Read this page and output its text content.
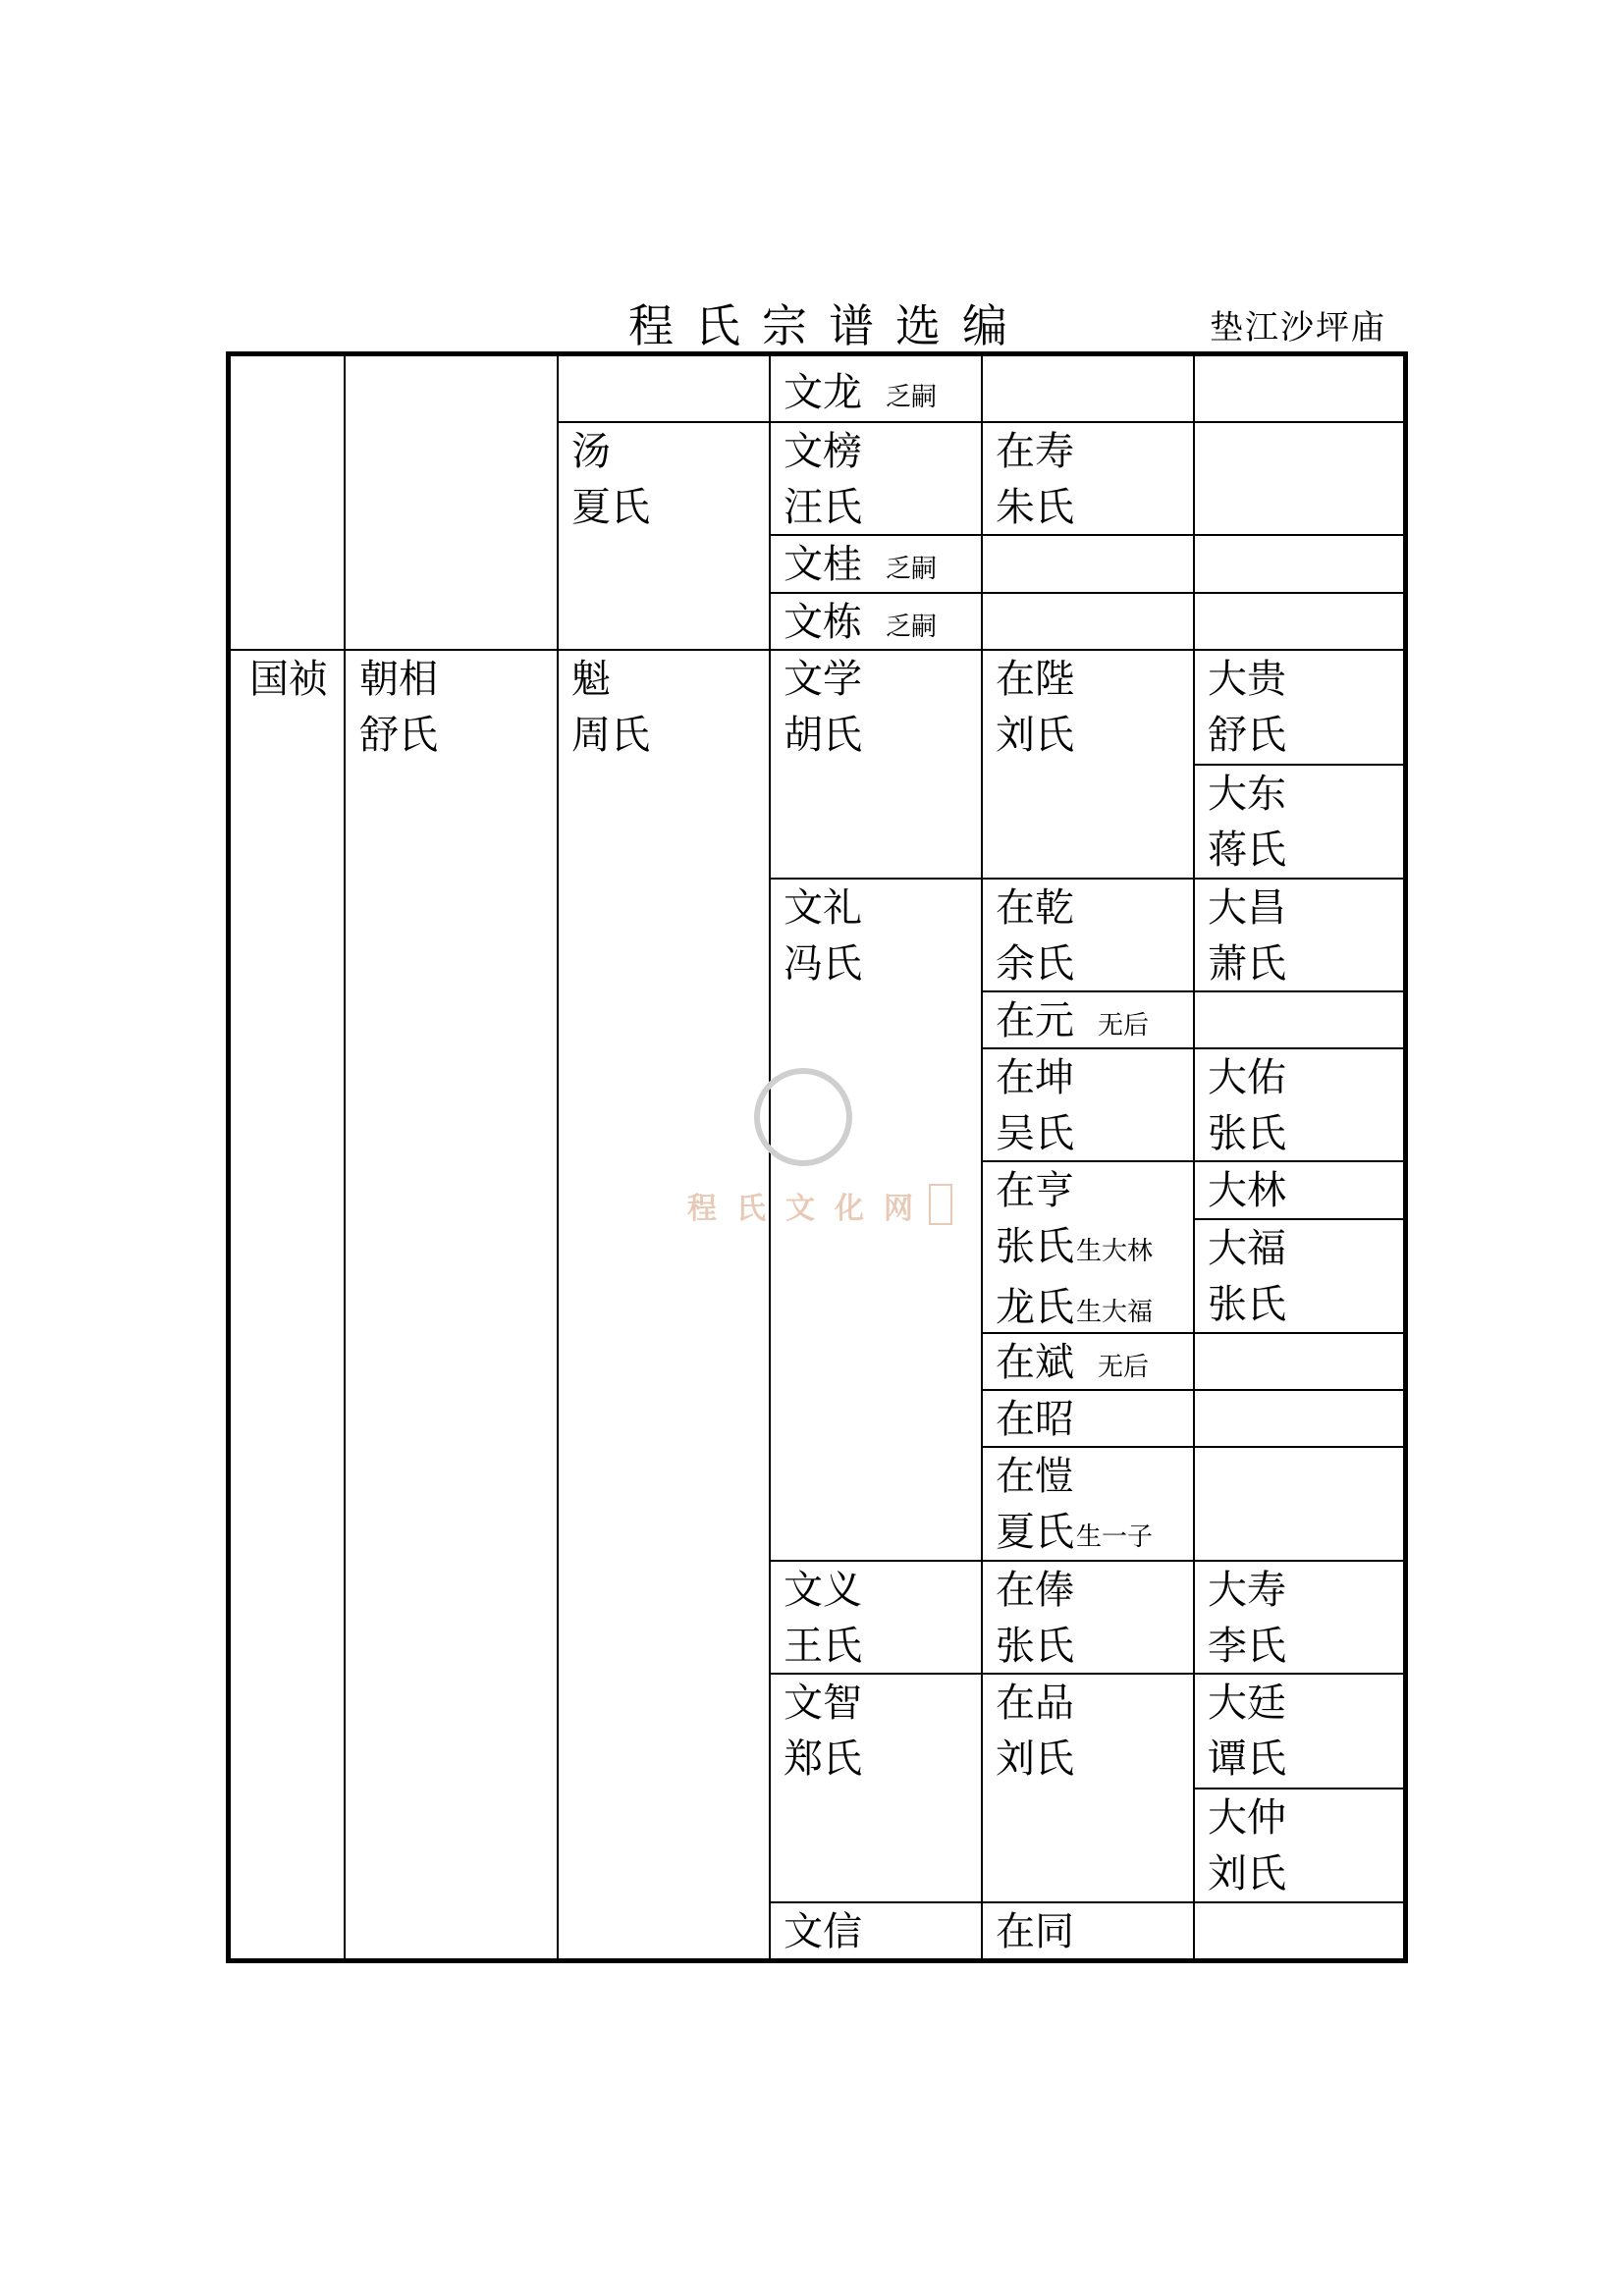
程氏宗谱选编	垫江沙坪庙
国祯 朝相
舒氏
汤
夏氏
魁
周氏
文龙 乏嗣
文榜
汪氏
文桂 乏嗣
文栋 乏嗣
文学
胡氏
文礼
冯氏
文义
王氏
文智
郑氏
文信
在寿
朱氏
在陛
刘氏
在乾
余氏
在元 无后
在坤
吴氏
在亨
张氏生大林
龙氏生大福
在斌 无后
在昭
在愷
夏氏生一子
在俸
张氏
在品
刘氏
在同
大贵
舒氏
大东
蒋氏
大昌
萧氏
大佑
张氏
大林
大福
张氏
大寿
李氏
大廷
谭氏
大仲
刘氏
程氏文化网
